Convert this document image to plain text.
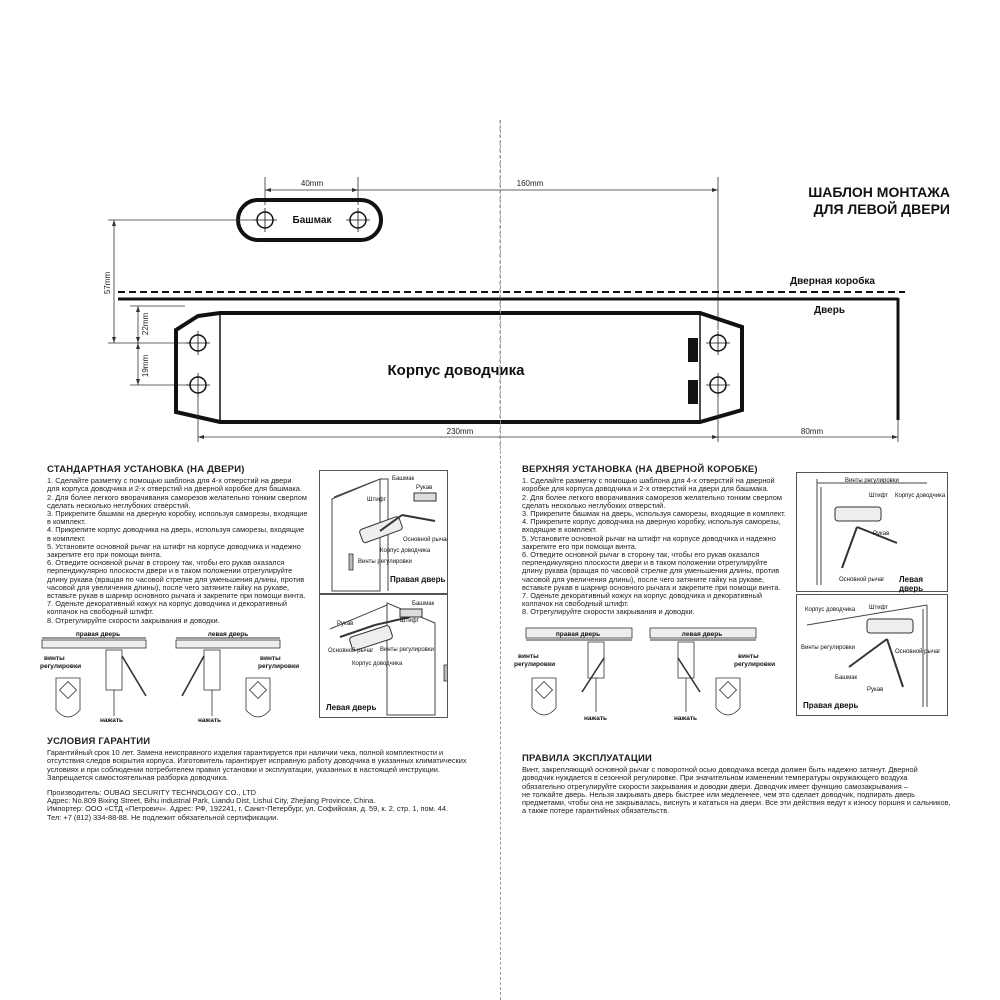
ШАБЛОН МОНТАЖА
ДЛЯ ЛЕВОЙ ДВЕРИ
40mm	160mm
Башмак
57mm	Дверная коробка
Дверь
22mm
19mm	Корпус доводчика
230mm	80mm
СТАНДАРТНАЯ УСТАНОВКА (НА ДВЕРИ)
1. Сделайте разметку с помощью шаблона для 4-х отверстий на двери
для корпуса доводчика и 2-х отверстий на дверной коробке для башмака.
2. Для более легкого вворачивания саморезов желательно тонким сверлом
сделать несколько неглубоких отверстий.
3. Прикрепите башмак на дверную коробку, используя саморезы, входящие
в комплект.
4. Прикрепите корпус доводчика на дверь, используя саморезы, входящие
в комплект.
5. Установите основной рычаг на штифт на корпусе доводчика и надежно
закрепите его при помощи винта.
6. Отведите основной рычаг в сторону так, чтобы его рукав оказался
перпендикулярно плоскости двери и в таком положении отрегулируйте
длину рукава (вращая по часовой стрелке для уменьшения длины, против
часовой для увеличения длины), после чего затяните гайку на рукаве,
вставьте рукав в шарнир основного рычага и закрепите при помощи винта.
7. Оденьте декоративный кожух на корпус доводчика и декоративный
колпачок на свободный штифт.
8. Отрегулируйте скорости закрывания и доводки.
Башмак
Штифт
Рукав
Основной рычаг
Корпус доводчика
Винты регулировки
Правая дверь
Башмак
Штифт
Рукав
Основной рычаг
Корпус доводчика
Винты регулировки
Левая дверь
правая дверь
винты
регулировки
нажать
левая дверь
винты
регулировки
нажать
ВЕРХНЯЯ УСТАНОВКА (НА ДВЕРНОЙ КОРОБКЕ)
1. Сделайте разметку с помощью шаблона для 4-х отверстий на дверной
коробке для корпуса доводчика и 2-х отверстий на двери для башмака.
2. Для более легкого вворачивания саморезов желательно тонким сверлом
сделать несколько неглубоких отверстий.
3. Прикрепите башмак на дверь, используя саморезы, входящие в комплект.
4. Прикрепите корпус доводчика на дверную коробку, используя саморезы,
входящие в комплект.
5. Установите основной рычаг на штифт на корпусе доводчика и надежно
закрепите его при помощи винта.
6. Отведите основной рычаг в сторону так, чтобы его рукав оказался
перпендикулярно плоскости двери и в таком положении отрегулируйте
длину рукава (вращая по часовой стрелке для уменьшения длины, против
часовой для увеличения длины), после чего затяните гайку на рукаве,
вставьте рукав в шарнир основного рычага и закрепите при помощи винта.
7. Оденьте декоративный кожух на корпус доводчика и декоративный
колпачок на свободный штифт.
8. Отрегулируйте скорости закрывания и доводки.
Винты регулировки
Штифт Корпус доводчика
Рукав
Основной рычаг Левая дверь
Корпус доводчика Штифт
Основной рычаг
Винты регулировки
Башмак
Рукав
Правая дверь
правая дверь
винты
регулировки
нажать
левая дверь
винты
регулировки
нажать
УСЛОВИЯ ГАРАНТИИ

Гарантийный срок 10 лет. Замена неисправного изделия гарантируется при наличии чека, полной комплектности и

отсутствия следов вскрытия корпуса. Изготовитель гарантирует исправную работу доводчика в указанных климатических

условиях и при соблюдении потребителем правил установки и эксплуатации, указанных в настоящей инструкции.

Запрещается самостоятельная разборка доводчика.

Производитель: OUBAO SECURITY TECHNOLOGY CO., LTD

Адрес: No.809 Bixing Street, Bihu industrial Park, Liandu Dist, Lishui City, Zhejiang Province, China.

Импортер: ООО «СТД «Петрович». Адрес: РФ, 192241, г. Санкт-Петербург, ул. Софийская, д. 59, к. 2, стр. 1, пом. 44.

Тел: +7 (812) 334-88-88. Не подлежит обязательной сертификации.

ПРАВИЛА ЭКСПЛУАТАЦИИ

Винт, закрепляющий основной рычаг с поворотной осью доводчика всегда должен быть надежно затянут. Дверной

доводчик нуждается в сезонной регулировке. При значительном изменении температуры окружающего воздуха

обязательно отрегулируйте скорости закрывания и доводки двери. Доводчик имеет функцию самозакрывания –

не толкайте дверь. Нельзя закрывать дверь быстрее или медленнее, чем это сделает доводчик, подпирать дверь

предметами, чтобы она не закрывалась, виснуть и кататься на двери. Все эти действия ведут к износу поршня и сальников,

а также потере гарантийных обязательств.
